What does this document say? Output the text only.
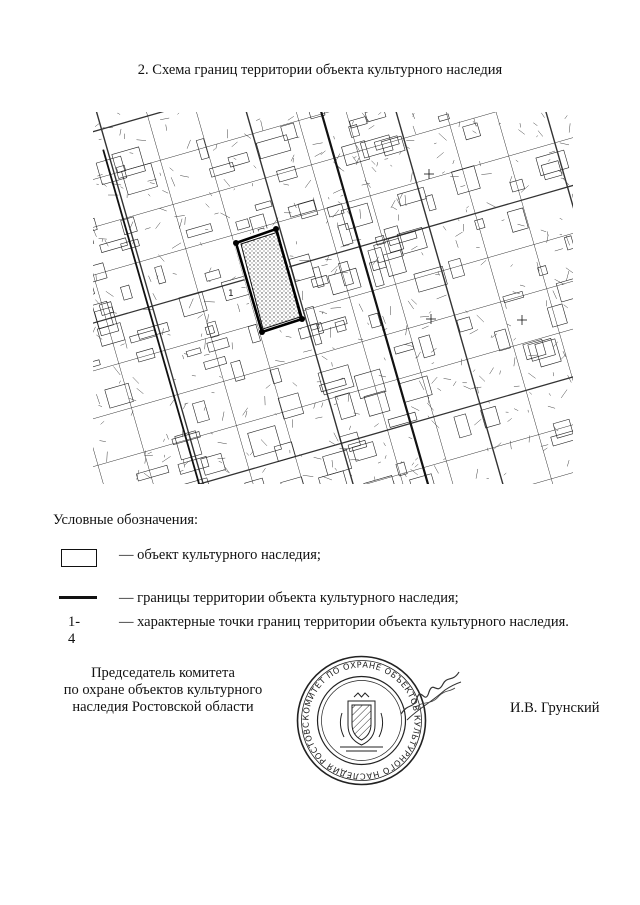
2. Схема границ территории объекта культурного наследия
1
Условные обозначения:
— объект культурного наследия;
— границы территории объекта культурного наследия;
1-4
— характерные точки границ территории объекта культурного наследия.
Председатель комитета
по охране объектов культурного
наследия Ростовской области
КОМИТЕТ ПО ОХРАНЕ ОБЪЕКТОВ КУЛЬТУРНОГО НАСЛЕДИЯ РОСТОВС
И.В. Грунский
